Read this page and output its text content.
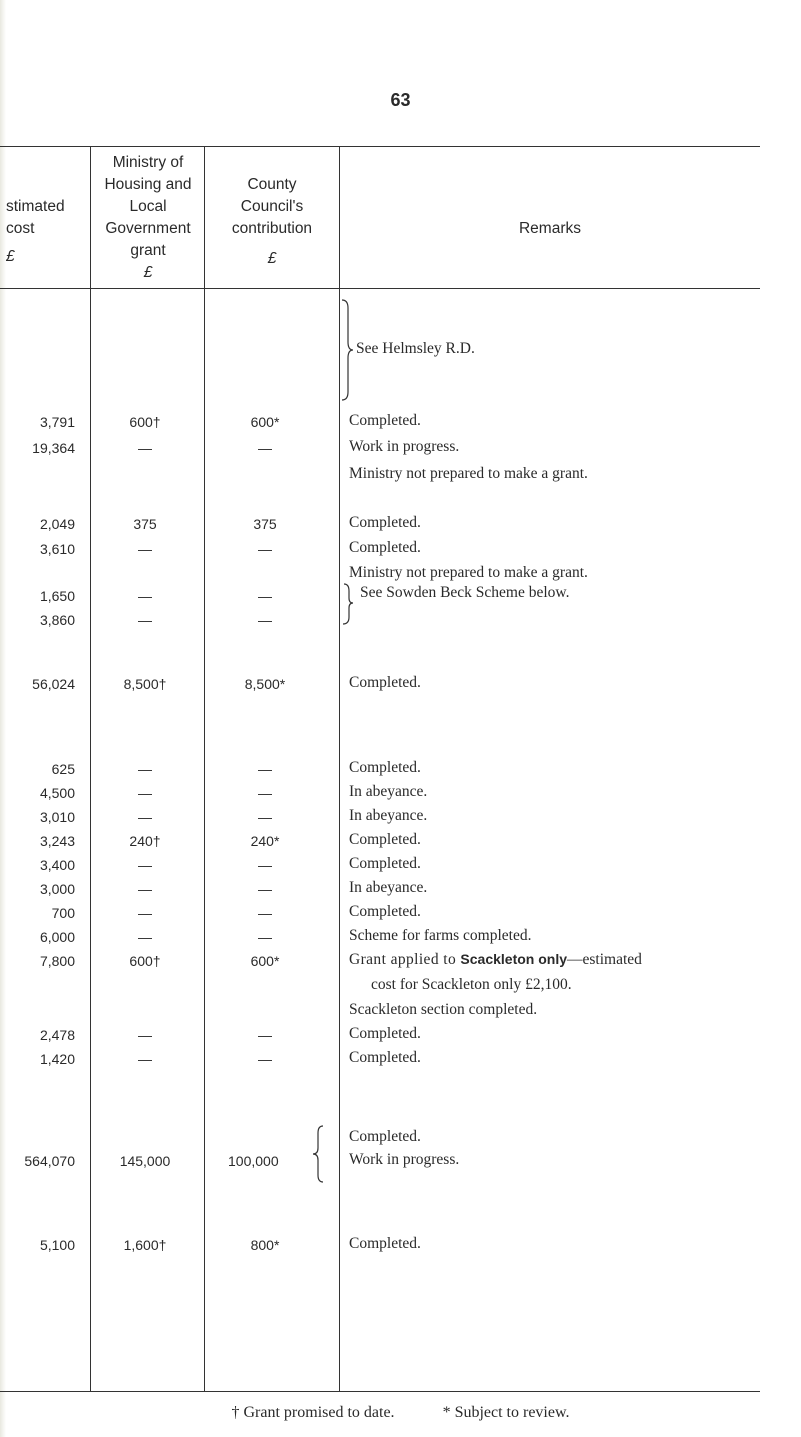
63
stimated
cost
£
Ministry of
Housing and
Local
Government
grant
£
County
Council's
contribution
£
Remarks
See Helmsley R.D.
3,791	600†	600*	Completed.
19,364	—	—	Work in progress.
Ministry not prepared to make a grant.
2,049	375	375	Completed.
3,610	—	—	Completed.
Ministry not prepared to make a grant.
1,650	—	—	See Sowden Beck Scheme below.
3,860	—	—
56,024	8,500†	8,500*	Completed.
625	—	—	Completed.
4,500	—	—	In abeyance.
3,010	—	—	In abeyance.
3,243	240†	240*	Completed.
3,400	—	—	Completed.
3,000	—	—	In abeyance.
700	—	—	Completed.
6,000	—	—	Scheme for farms completed.
7,800	600†	600*	Grant applied to Scackleton only—estimated
cost for Scackleton only £2,100.
Scackleton section completed.
2,478	—	—	Completed.
1,420	—	—	Completed.
Completed.
564,070	145,000	100,000	Work in progress.
5,100	1,600†	800*	Completed.
† Grant promised to date.	* Subject to review.
